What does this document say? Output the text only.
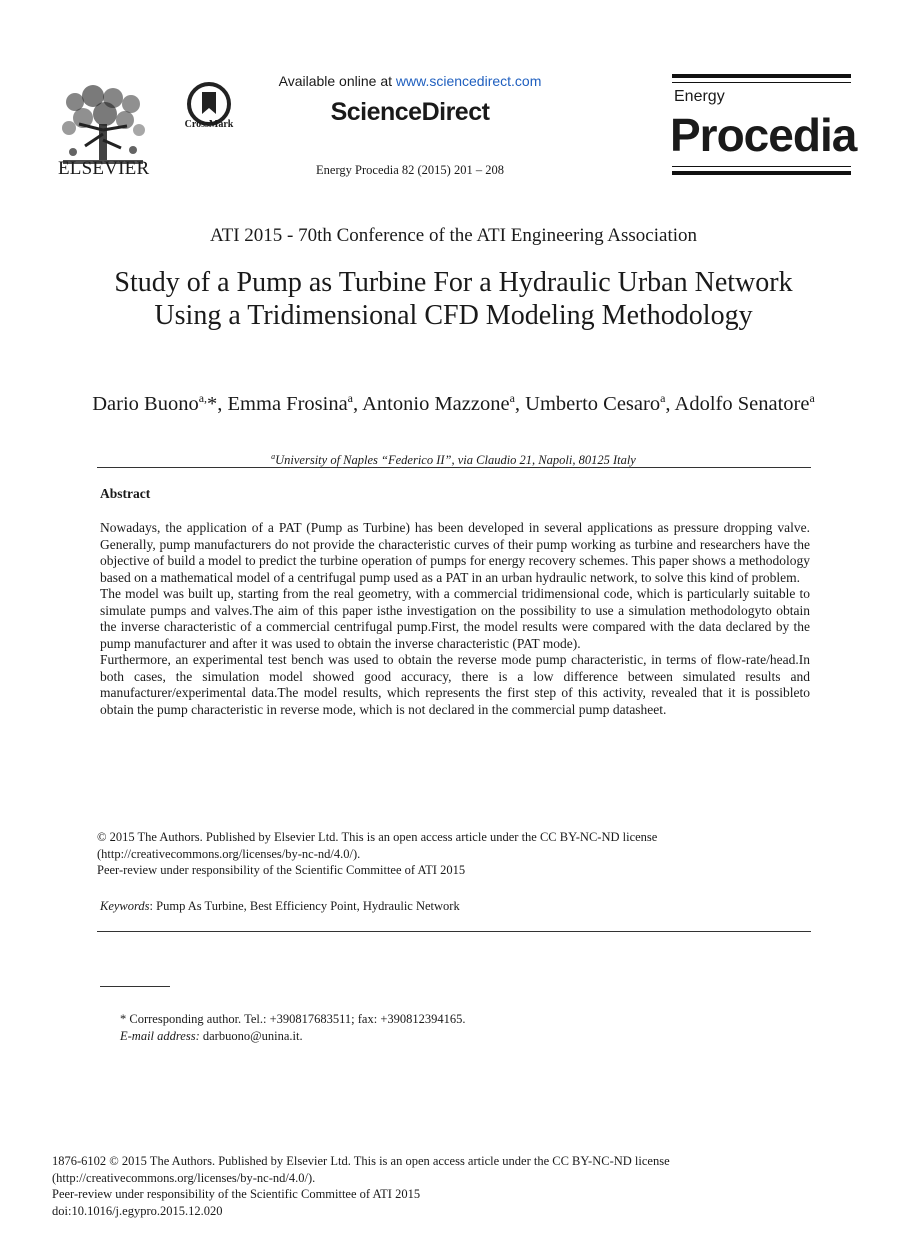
ELSEVIER
CrossMark
Available online at www.sciencedirect.com
ScienceDirect
Energy Procedia 82 (2015) 201 – 208
Energy
Procedia
ATI 2015 - 70th Conference of the ATI Engineering Association
Study of a Pump as Turbine For a Hydraulic Urban Network Using a Tridimensional CFD Modeling Methodology
Dario Buono$^{a,}$*, Emma Frosina$^a$, Antonio Mazzone$^a$, Umberto Cesaro$^a$, Adolfo Senatore$^a$
$^a$University of Naples “Federico II”, via Claudio 21, Napoli, 80125 Italy
Abstract

Nowadays, the application of a PAT (Pump as Turbine) has been developed in several applications as pressure dropping valve. Generally, pump manufacturers do not provide the characteristic curves of their pump working as turbine and researchers have the objective of build a model to predict the turbine operation of pumps for energy recovery schemes. This paper shows a methodology based on a mathematical model of a centrifugal pump used as a PAT in an urban hydraulic network, to solve this kind of problem.

The model was built up, starting from the real geometry, with a commercial tridimensional code, which is particularly suitable to simulate pumps and valves.The aim of this paper isthe investigation on the possibility to use a simulation methodologyto obtain the inverse characteristic of a commercial centrifugal pump.First, the model results were compared with the data declared by the pump manufacturer and after it was used to obtain the inverse characteristic (PAT mode).

Furthermore, an experimental test bench was used to obtain the reverse mode pump characteristic, in terms of flow-rate/head.In both cases, the simulation model showed good accuracy, there is a low difference between simulated results and manufacturer/experimental data.The model results, which represents the first step of this activity, revealed that it is possibleto obtain the pump characteristic in reverse mode, which is not declared in the commercial pump datasheet.

© 2015 The Authors. Published by Elsevier Ltd. This is an open access article under the CC BY-NC-ND license
(http://creativecommons.org/licenses/by-nc-nd/4.0/).
Peer-review under responsibility of the Scientific Committee of ATI 2015
Keywords: Pump As Turbine, Best Efficiency Point, Hydraulic Network
* Corresponding author. Tel.: +390817683511; fax: +390812394165.
E-mail address: darbuono@unina.it.
1876-6102 © 2015 The Authors. Published by Elsevier Ltd. This is an open access article under the CC BY-NC-ND license
(http://creativecommons.org/licenses/by-nc-nd/4.0/).
Peer-review under responsibility of the Scientific Committee of ATI 2015
doi:10.1016/j.egypro.2015.12.020
